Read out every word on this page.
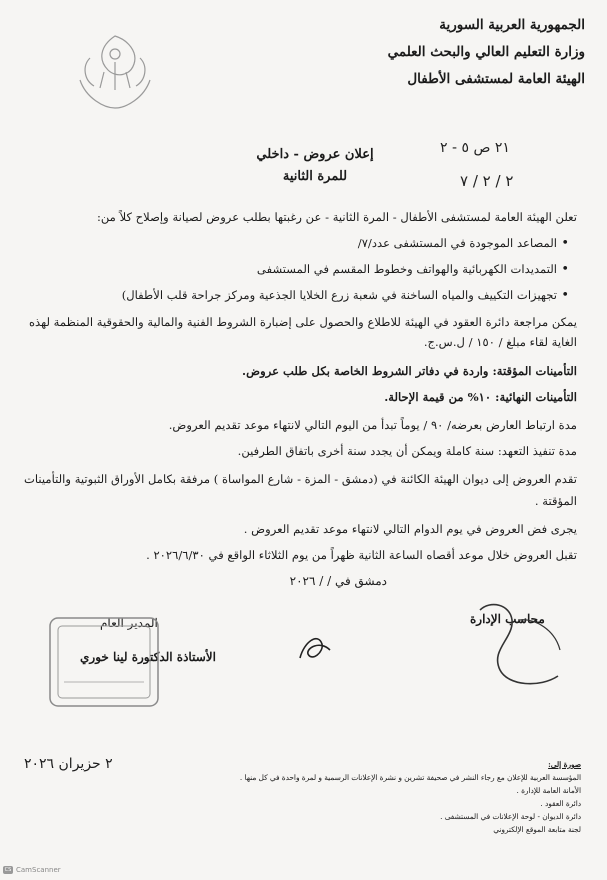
الجمهورية العربية السورية
وزارة التعليم العالي والبحث العلمي
الهيئة العامة لمستشفى الأطفال
٢١ ص ٥ - ٢
٢ / ٢ / ٧
إعلان عروض - داخلي
للمرة الثانية
تعلن الهيئة العامة لمستشفى الأطفال - المرة الثانية - عن رغبتها بطلب عروض لصيانة وإصلاح كلاً من:
• المصاعد الموجودة في المستشفى عدد/٧/
• التمديدات الكهربائية والهواتف وخطوط المقسم في المستشفى
• تجهيزات التكييف والمياه الساخنة في شعبة زرع الخلايا الجذعية ومركز جراحة قلب الأطفال)
يمكن مراجعة دائرة العقود في الهيئة للاطلاع والحصول على إضبارة الشروط الفنية والمالية والحقوقية المنظمة لهذه الغاية لقاء مبلغ / ١٥٠ / ل.س.ج.
التأمينات المؤقتة: واردة في دفاتر الشروط الخاصة بكل طلب عروض.
التأمينات النهائية: ١٠% من قيمة الإحالة.
مدة ارتباط العارض بعرضه/ ٩٠ / يوماً تبدأ من اليوم التالي لانتهاء موعد تقديم العروض.
مدة تنفيذ التعهد: سنة كاملة ويمكن أن يجدد سنة أخرى باتفاق الطرفين.
تقدم العروض إلى ديوان الهيئة الكائنة في (دمشق - المزة - شارع المواساة ) مرفقة بكامل الأوراق الثبوتية والتأمينات المؤقتة .
يجرى فض العروض في يوم الدوام التالي لانتهاء موعد تقديم العروض .
تقبل العروض خلال موعد أقصاه الساعة الثانية ظهراً من يوم الثلاثاء الواقع في ٢٠٢٦/٦/٣٠ .
دمشق في / / ٢٠٢٦
محاسب الإدارة
المدير العام
الأستاذة الدكتورة لينا خوري
٢ حزيران ٢٠٢٦	صورة إلى:
المؤسسة العربية للإعلان مع رجاء النشر في صحيفة تشرين و نشرة الإعلانات الرسمية و لمرة واحدة في كل منها .
الأمانة العامة للإدارة .
دائرة العقود .
دائرة الديوان - لوحة الإعلانات في المستشفى .
لجنة متابعة الموقع الإلكتروني
CS CamScanner
